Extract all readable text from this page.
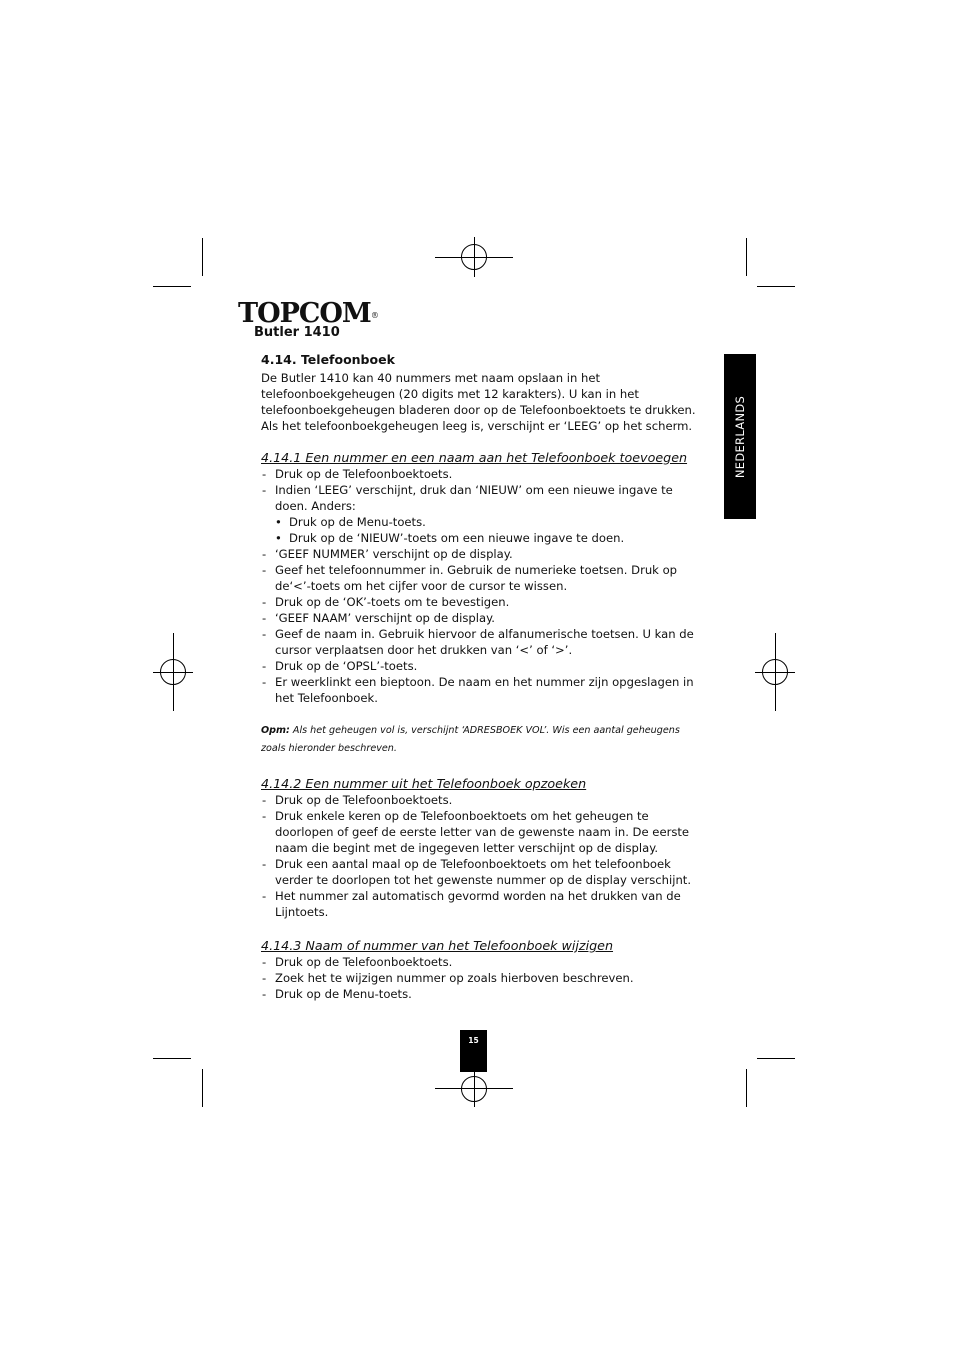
TOPCOM®
Butler 1410
NEDERLANDS

4.14. Telefoonboek

De Butler 1410 kan 40 nummers met naam opslaan in het telefoonboekgeheugen (20 digits met 12 karakters). U kan in het telefoonboekgeheugen bladeren door op de Telefoonboektoets te drukken. Als het telefoonboekgeheugen leeg is, verschijnt er ‘LEEG’ op het scherm.

4.14.1 Een nummer en een naam aan het Telefoonboek toevoegen

- Druk op de Telefoonboektoets.
- Indien ‘LEEG’ verschijnt, druk dan ‘NIEUW’ om een nieuwe ingave te doen. Anders:
• Druk op de Menu-toets.
• Druk op de ‘NIEUW’-toets om een nieuwe ingave te doen.
- ‘GEEF NUMMER’ verschijnt op de display.
- Geef het telefoonnummer in. Gebruik de numerieke toetsen. Druk op de‘<’-toets om het cijfer voor de cursor te wissen.
- Druk op de ‘OK’-toets om te bevestigen.
- ‘GEEF NAAM’ verschijnt op de display.
- Geef de naam in. Gebruik hiervoor de alfanumerische toetsen. U kan de cursor verplaatsen door het drukken van ‘<’ of ‘>’.
- Druk op de ‘OPSL’-toets.
- Er weerklinkt een bieptoon. De naam en het nummer zijn opgeslagen in het Telefoonboek.

Opm: Als het geheugen vol is, verschijnt ‘ADRESBOEK VOL’. Wis een aantal geheugens zoals hieronder beschreven.

4.14.2 Een nummer uit het Telefoonboek opzoeken

- Druk op de Telefoonboektoets.
- Druk enkele keren op de Telefoonboektoets om het geheugen te doorlopen of geef de eerste letter van de gewenste naam in. De eerste naam die begint met de ingegeven letter verschijnt op de display.
- Druk een aantal maal op de Telefoonboektoets om het telefoonboek verder te doorlopen tot het gewenste nummer op de display verschijnt.
- Het nummer zal automatisch gevormd worden na het drukken van de Lijntoets.

4.14.3 Naam of nummer van het Telefoonboek wijzigen

- Druk op de Telefoonboektoets.
- Zoek het te wijzigen nummer op zoals hierboven beschreven.
- Druk op de Menu-toets.
15
